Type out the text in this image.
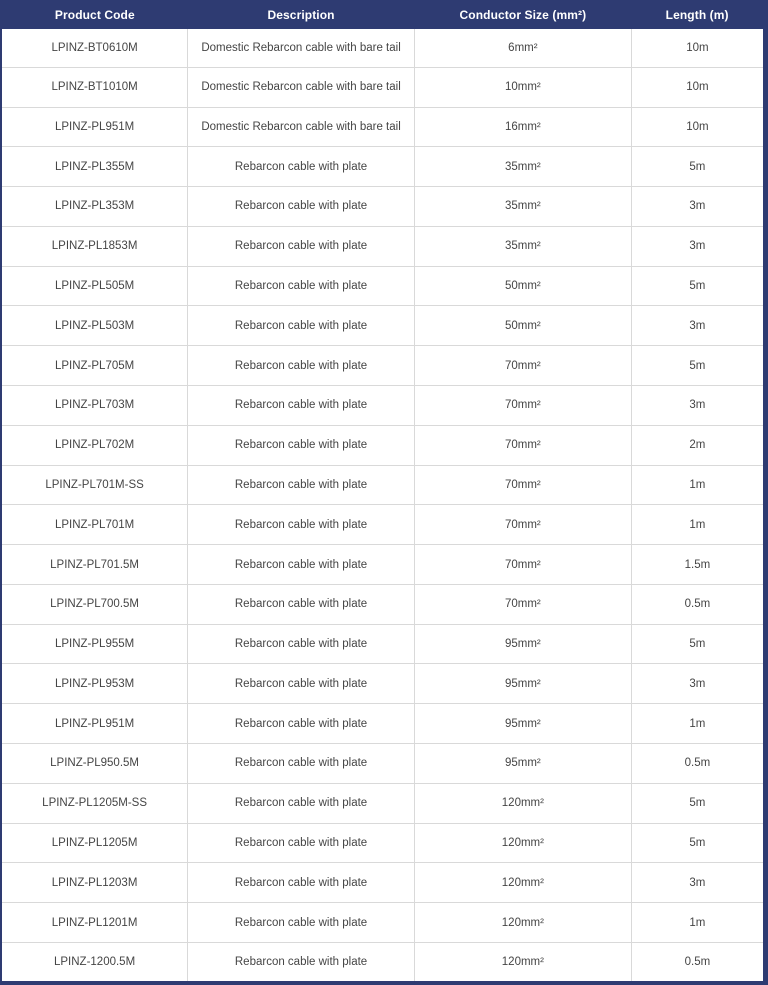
Product Code	Description	Conductor Size (mm²)	Length (m)
LPINZ-BT0610M	Domestic Rebarcon cable with bare tail	6mm²	10m
LPINZ-BT1010M	Domestic Rebarcon cable with bare tail	10mm²	10m
LPINZ-PL951M	Domestic Rebarcon cable with bare tail	16mm²	10m
LPINZ-PL355M	Rebarcon cable with plate	35mm²	5m
LPINZ-PL353M	Rebarcon cable with plate	35mm²	3m
LPINZ-PL1853M	Rebarcon cable with plate	35mm²	3m
LPINZ-PL505M	Rebarcon cable with plate	50mm²	5m
LPINZ-PL503M	Rebarcon cable with plate	50mm²	3m
LPINZ-PL705M	Rebarcon cable with plate	70mm²	5m
LPINZ-PL703M	Rebarcon cable with plate	70mm²	3m
LPINZ-PL702M	Rebarcon cable with plate	70mm²	2m
LPINZ-PL701M-SS	Rebarcon cable with plate	70mm²	1m
LPINZ-PL701M	Rebarcon cable with plate	70mm²	1m
LPINZ-PL701.5M	Rebarcon cable with plate	70mm²	1.5m
LPINZ-PL700.5M	Rebarcon cable with plate	70mm²	0.5m
LPINZ-PL955M	Rebarcon cable with plate	95mm²	5m
LPINZ-PL953M	Rebarcon cable with plate	95mm²	3m
LPINZ-PL951M	Rebarcon cable with plate	95mm²	1m
LPINZ-PL950.5M	Rebarcon cable with plate	95mm²	0.5m
LPINZ-PL1205M-SS	Rebarcon cable with plate	120mm²	5m
LPINZ-PL1205M	Rebarcon cable with plate	120mm²	5m
LPINZ-PL1203M	Rebarcon cable with plate	120mm²	3m
LPINZ-PL1201M	Rebarcon cable with plate	120mm²	1m
LPINZ-1200.5M	Rebarcon cable with plate	120mm²	0.5m
